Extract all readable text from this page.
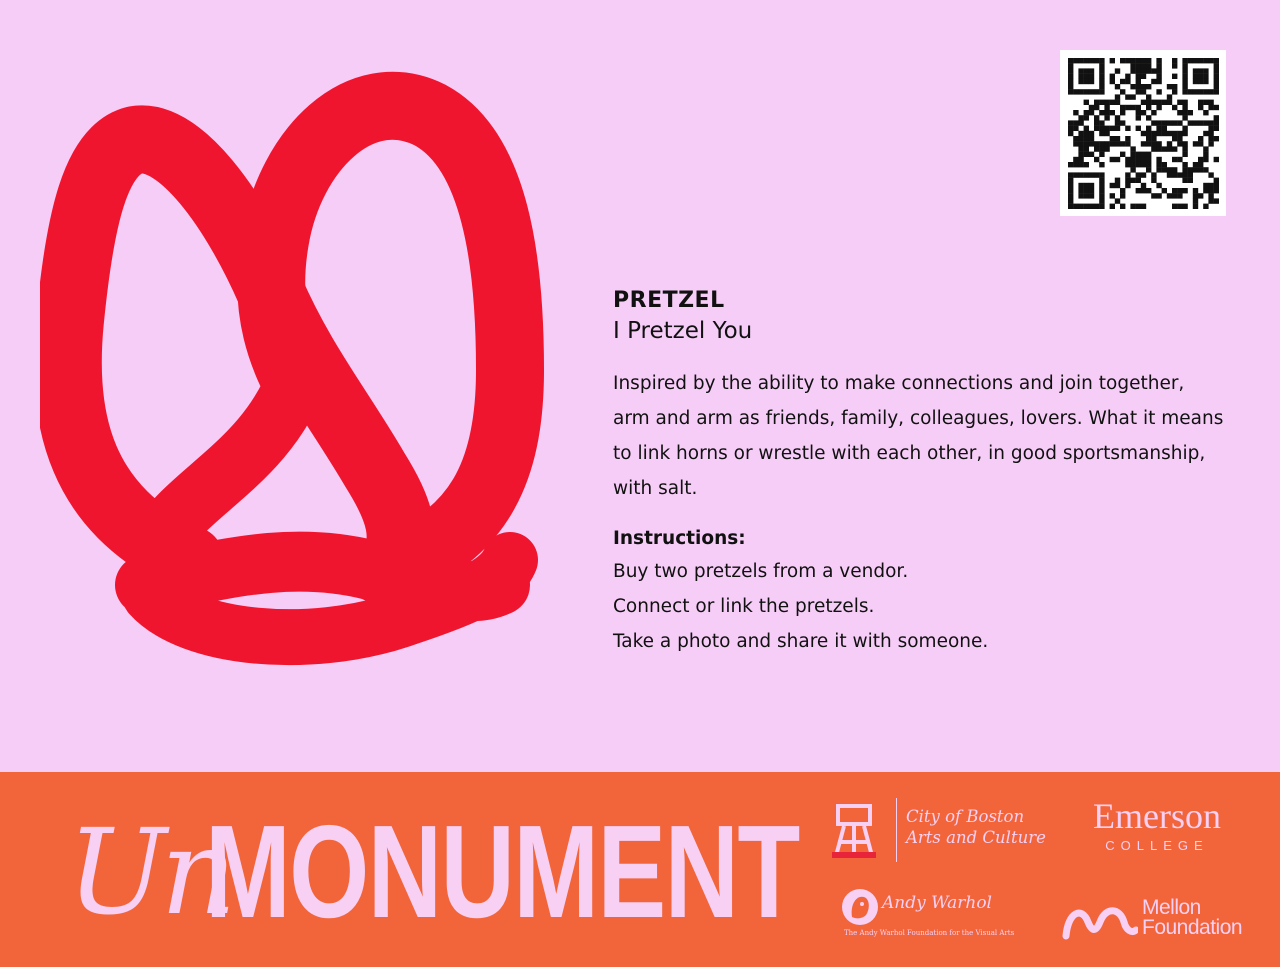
PRETZEL
I Pretzel You

Inspired by the ability to make connections and join together,

arm and arm as friends, family, colleagues, lovers. What it means

to link horns or wrestle with each other, in good sportsmanship,

with salt.

Instructions:

Buy two pretzels from a vendor.

Connect or link the pretzels.

Take a photo and share it with someone.

Un
MONUMENT	City of Boston
Arts and Culture
Emerson
COLLEGE
Andy Warhol
The Andy Warhol Foundation for the Visual Arts
Mellon
Foundation
